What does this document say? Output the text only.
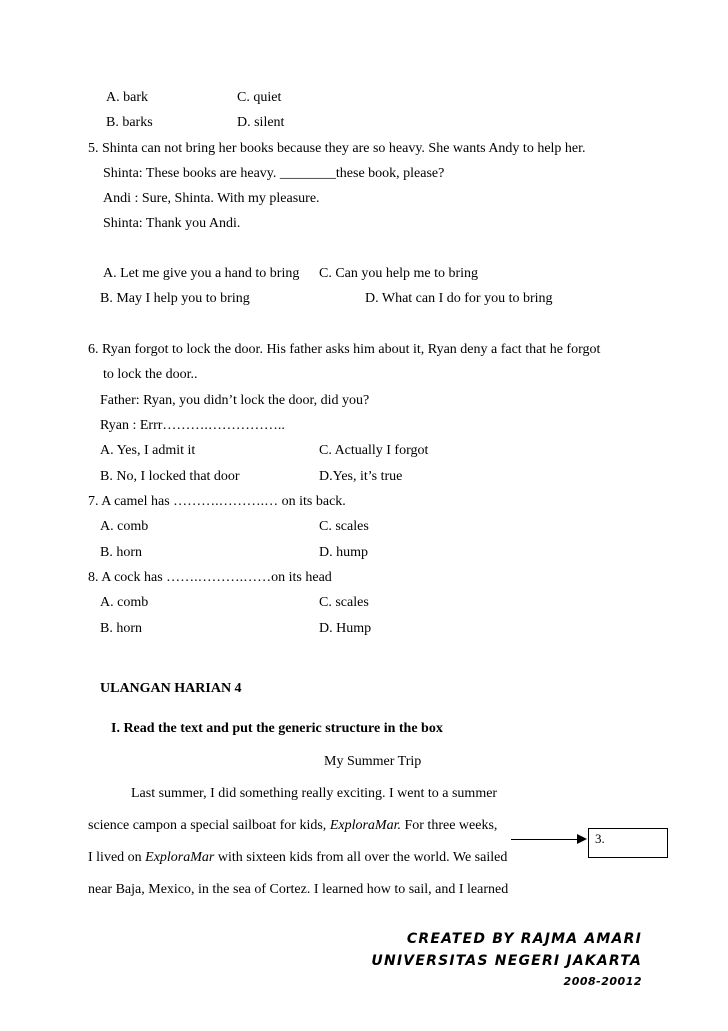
A. bark	C. quiet
B. barks	D. silent
5. Shinta can not bring her books because they are so heavy. She wants Andy to help her.
Shinta: These books are heavy. ________these book, please?
Andi : Sure, Shinta. With my pleasure.
Shinta: Thank you Andi.
A. Let me give you a hand to bring C. Can you help me to bring
B. May I help you to bring	D. What can I do for you to bring
6. Ryan forgot to lock the door. His father asks him about it, Ryan deny a fact that he forgot
to lock the door..
Father: Ryan, you didn’t lock the door, did you?
Ryan : Errr……….……………..
A. Yes, I admit it	C. Actually I forgot
B. No, I locked that door	D.Yes, it’s true
7. A camel has ……….……….… on its back.
A. comb	C. scales
B. horn	D. hump
8. A cock has …….……….……on its head
A. comb	C. scales
B. horn	D. Hump
ULANGAN HARIAN 4
I. Read the text and put the generic structure in the box
My Summer Trip
Last summer, I did something really exciting. I went to a summer
science campon a special sailboat for kids, ExploraMar. For three weeks,
I lived on ExploraMar with sixteen kids from all over the world. We sailed
near Baja, Mexico, in the sea of Cortez. I learned how to sail, and I learned
3.
CREATED BY RAJMA AMARI
UNIVERSITAS NEGERI JAKARTA
2008-20012
